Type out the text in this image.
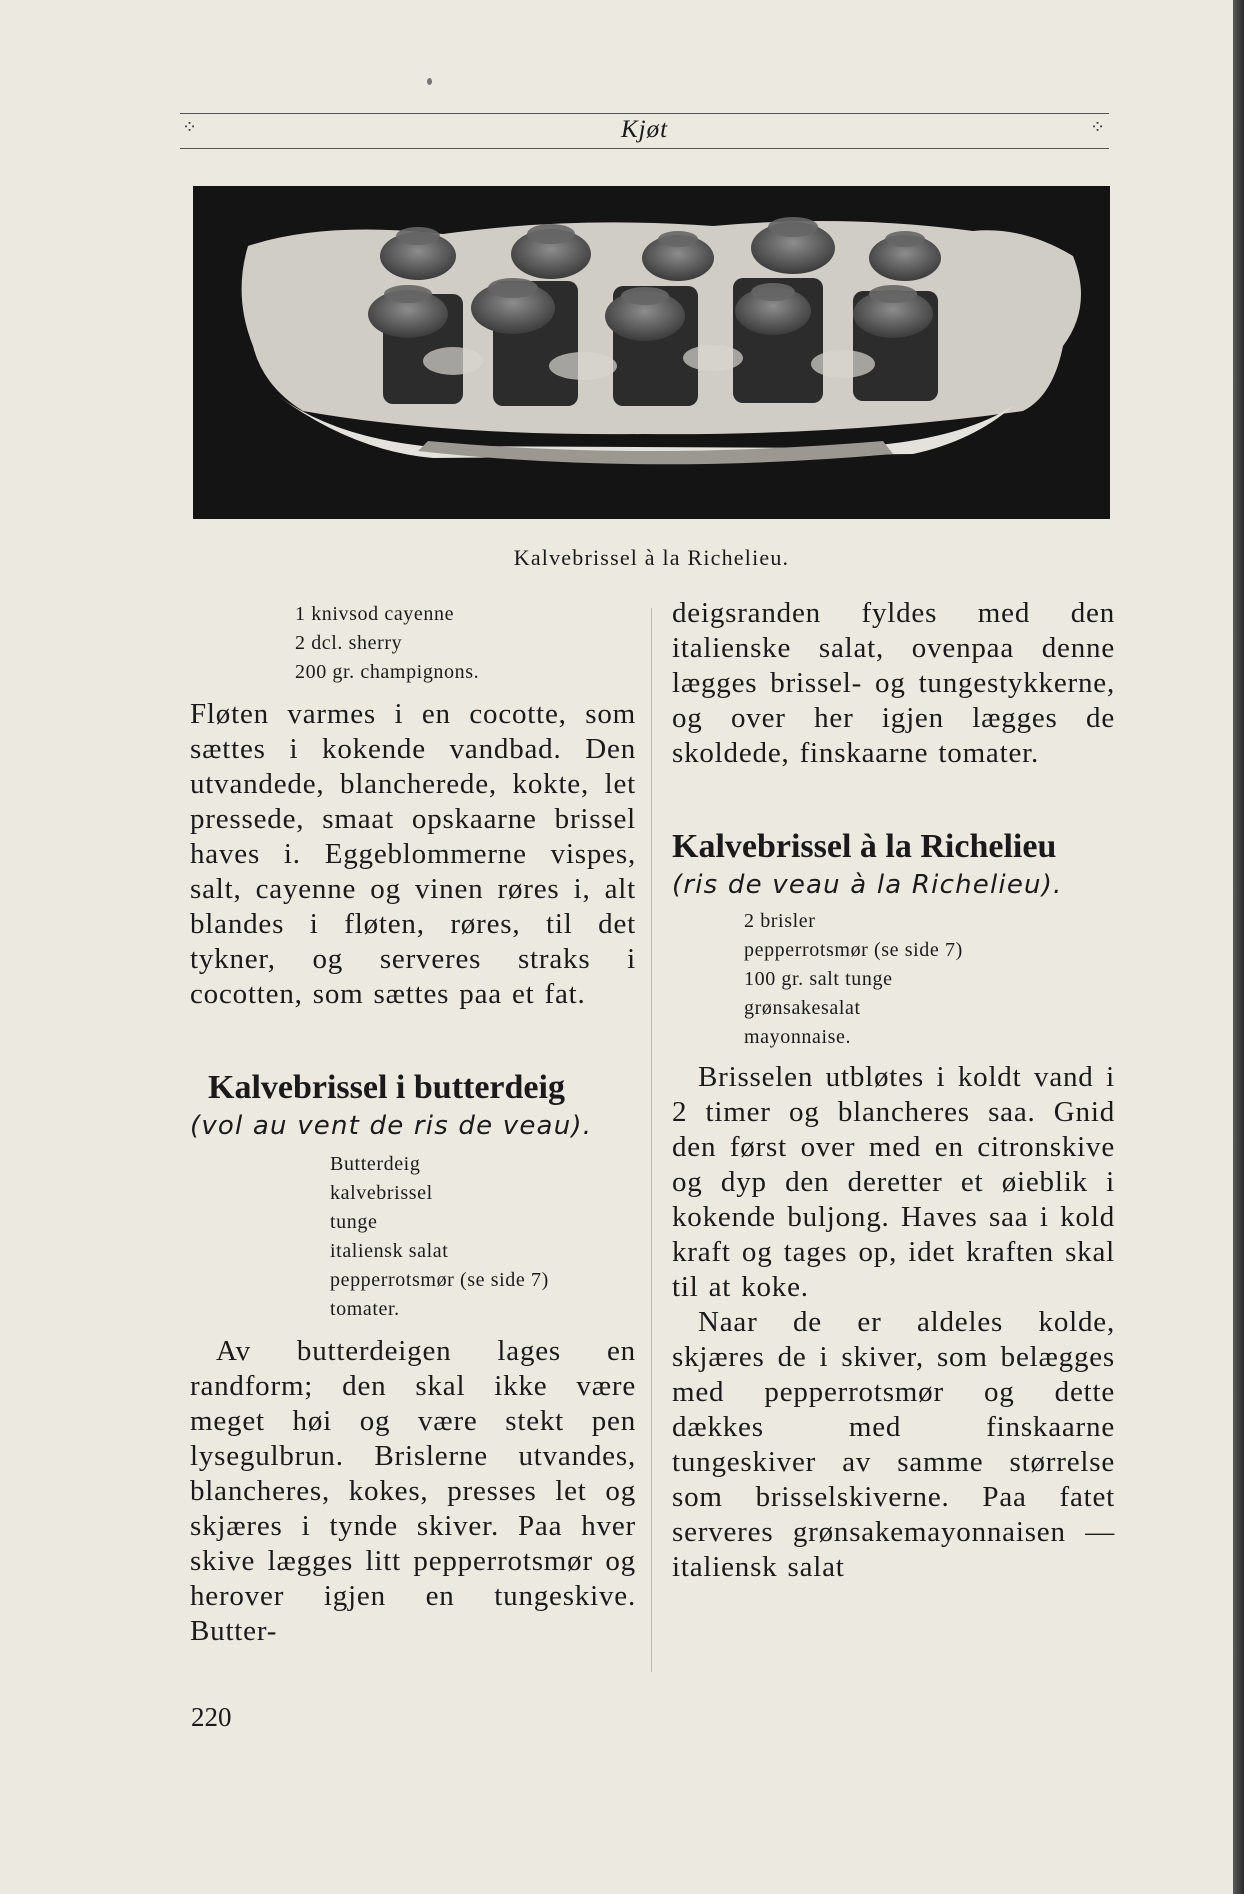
⁘	Kjøt	⁘
Kalvebrissel à la Richelieu.
1 knivsod cayenne
2 dcl. sherry
200 gr. champignons.

Fløten varmes i en cocotte, som sættes i kokende vandbad. Den utvandede, blancherede, kokte, let pressede, smaat opskaarne brissel haves i. Eggeblommerne vispes, salt, cayenne og vinen røres i, alt blandes i fløten, røres, til det tykner, og serveres straks i cocotten, som sættes paa et fat.

Kalvebrissel i butterdeig
(vol au vent de ris de veau).
Butterdeig
kalvebrissel
tunge
italiensk salat
pepperrotsmør (se side 7)
tomater.

Av butterdeigen lages en randform; den skal ikke være meget høi og være stekt pen lysegulbrun. Brislerne utvandes, blancheres, kokes, presses let og skjæres i tynde skiver. Paa hver skive lægges litt pepperrotsmør og herover igjen en tungeskive. Butter-

deigsranden fyldes med den italienske salat, ovenpaa denne lægges brissel- og tungestykkerne, og over her igjen lægges de skoldede, finskaarne tomater.

Kalvebrissel à la Richelieu
(ris de veau à la Richelieu).
2 brisler
pepperrotsmør (se side 7)
100 gr. salt tunge
grønsakesalat
mayonnaise.

Brisselen utbløtes i koldt vand i 2 timer og blancheres saa. Gnid den først over med en citronskive og dyp den deretter et øieblik i kokende buljong. Haves saa i kold kraft og tages op, idet kraften skal til at koke.

Naar de er aldeles kolde, skjæres de i skiver, som belægges med pepperrotsmør og dette dækkes med finskaarne tungeskiver av samme størrelse som brisselskiverne. Paa fatet serveres grønsakemayonnaisen — italiensk salat

220
